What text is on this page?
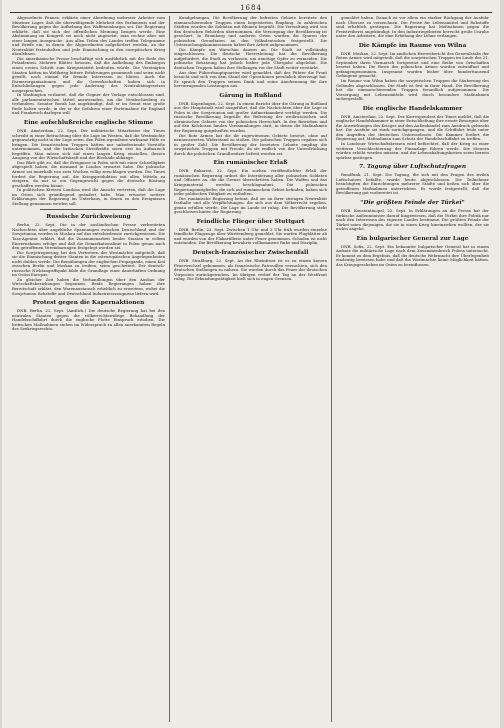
1684
Abgeordnete Pennes, erklärte einer Abordnung mehrerer Arbeiter vom Mineiner Lager, daß die überwältigende Mehrheit des Parlaments und der Bevölkerung gegen die Aufhebung des Waffenembargos sei. Die Regierung erklärte, daß sie sich der öffentlichen Meinung beugen werde. Eine Abstimmung im Kongreß sei noch nicht angesetzt, man rechne aber mit einer langen Aussprache. Aus allen Teilen des Landes treffen Telegramme und Briefe ein, in denen die Abgeordneten aufgefordert werden, an der Neutralität festzuhalten und jede Einmischung in den europäischen Krieg abzulehnen.
Die amerikanische Presse beschäftigt sich ausführlich mit der Rede des Präsidenten. Mehrere Blätter betonen, daß die Aufhebung des Embargos einen ersten Schritt zum Kriegseintritt bedeuten würde. Die Vereinigten Staaten hätten im Weltkrieg bittere Erfahrungen gesammelt und seien nicht gewillt, noch einmal für fremde Interessen zu bluten. Auch die Farmerorganisationen und die Gewerkschaften haben sich in Entschließungen gegen jede Änderung des Neutralitätsgesetzes ausgesprochen.
In Washington verlautet, daß die Gegner der Vorlage entschlossen sind, alle parlamentarischen Mittel anzuwenden, um die Verabschiedung zu verhindern. Senator Borah hat angekündigt, daß er im Senat eine große Rede halten werde, in der er die Gefahren einer Parteinahme für England und Frankreich darlegen will.
Eine aufschlußreiche englische Stimme
DNB. Amsterdam, 22. Sept. Der militärische Mitarbeiter der Times schreibt in einer Betrachtung über die Lage im Westen, daß die Westmächte gegenwärtig nicht in der Lage seien, den Polen irgendeine wirksame Hilfe zu bringen. Die französischen Truppen hätten nur unbedeutende Vorstöße unternommen, und die britischen Streitkräfte seien erst im Aufmarsch begriffen. Man müsse sich auf einen langen Krieg einstellen, dessen Ausgang von der Wirtschaftskraft und der Blockade abhänge.
Das Blatt gibt zu, daß die Ereignisse in Polen sich mit einer Schnelligkeit abgespielt haben, die niemand in London erwartet habe. Die polnische Armee sei innerhalb von zwei Wochen völlig zerschlagen worden. Die Times fordert die Regierung auf, die Kriegsproduktion mit allen Mitteln zu steigern, da nur so ein Gegengewicht gegen die deutsche Rüstung geschaffen werden könne.
In politischen Kreisen Londons wird die Ansicht vertreten, daß die Lage im Osten sich grundlegend geändert habe. Man erwartet weitere Erklärungen der Regierung im Unterhaus, in denen zu den Ereignissen Stellung genommen werden soll.
Russische Zurückweisung
Berlin, 22. Sept. Die in der ausländischen Presse verbreiteten Nachrichten über angebliche Spannungen zwischen Deutschland und der Sowjetunion werden in Moskau auf das entschiedenste zurückgewiesen. Die Tass-Agentur erklärt, daß die Zusammenarbeit beider Staaten in vollem Einvernehmen erfolge und daß die Demarkationslinie in Polen genau nach den getroffenen Vereinbarungen festgelegt worden sei.
Die Sowjetregierung hat den Vertretern der Westmächte mitgeteilt, daß sie die Einmischung dritter Staaten in die osteuropäischen Angelegenheiten nicht dulden werde. Die Bemühungen der englischen Propaganda, einen Keil zwischen Berlin und Moskau zu treiben, seien gescheitert. Der deutsch-russische Nichtangriffspakt bilde die Grundlage einer dauerhaften Ordnung im Osten Europas.
Zu gleicher Zeit haben die Verhandlungen über den Ausbau der Wirtschaftsbeziehungen begonnen. Beide Regierungen haben ihre Bereitschaft erklärt, den Warenaustausch erheblich zu erweitern, wobei die Sowjetunion Rohstoffe und Deutschland Industrieerzeugnisse liefern wird.
Protest gegen die Kapernaktionen
DNB. Berlin, 22. Sept. (Amtlich.) Die deutsche Regierung hat bei den neutralen Staaten gegen die völkerrechtswidrige Behandlung der Handelsschiffahrt durch die englische Flotte Einspruch erhoben. Die britischen Maßnahmen stehen im Widerspruch zu allen anerkannten Regeln des Seekriegsrechts.
Kundgebungen. Die Bevölkerung der befreiten Gebiete bereitete den einmarschierenden Truppen einen begeisterten Empfang. In zahlreichen Städten wurden die Soldaten mit Blumen begrüßt. Die Verwaltung wird von den deutschen Behörden übernommen, die Versorgung der Bevölkerung ist gesichert. In Bromberg und anderen Orten wurden die Spuren der polnischen Greueltaten an den Volksdeutschen festgestellt. Die Untersuchungskommissionen haben ihre Arbeit aufgenommen.
Die Kämpfe um Warschau dauern an. Die Stadt ist vollständig eingeschlossen. Die deutsche Heeresleitung hat die Bevölkerung aufgefordert, die Stadt zu verlassen, um unnötige Opfer zu vermeiden. Die polnische Besatzung hat jedoch bisher jede Übergabe abgelehnt. Die deutschen Truppen haben ihre Stellungen vor der Stadt weiter verstärkt.
Aus dem Führerhauptquartier wird gemeldet, daß der Führer die Front besucht und sich von dem Stand der Operationen persönlich überzeugt hat. Er sprach den Truppen seinen Dank und seine Anerkennung für ihre hervorragenden Leistungen aus.
Gärung in Rußland
DNB. Kopenhagen, 22. Sept. In einem Bericht über die Gärung in Rußland aus der Hauptstadt wird ausgeführt, daß die Nachrichten über die Lage in Polen in der Sowjetunion mit großer Aufmerksamkeit verfolgt werden. Die russische Bevölkerung begrüße die Befreiung der weißrussischen und ukrainischen Gebiete von der polnischen Herrschaft. In den Betrieben und auf den Kolchosen fanden Versammlungen statt, in denen die Maßnahmen der Regierung gutgeheißen wurden.
Die Rote Armee hat die ihr zugewiesenen Gebiete besetzt, ohne auf nennenswerten Widerstand zu stoßen. Die polnischen Truppen ergaben sich in großer Zahl. Die Bevölkerung der besetzten Gebiete empfing die sowjetischen Truppen mit Freude, da sie endlich von der Unterdrückung durch die polnischen Grundbesitzer befreit worden sei.
Ein rumänischer Erlaß
DNB. Bukarest, 22. Sept. Ein soeben veröffentlichter Erlaß der rumänischen Regierung ordnet die Internierung aller polnischen Soldaten und Offiziere an, die die Grenze überschritten haben. Die Waffen und das Kriegsmaterial werden beschlagnahmt. Die polnischen Regierungsmitglieder, die sich auf rumänischem Gebiet befinden, haben sich jeder politischen Tätigkeit zu enthalten.
Die rumänische Regierung betont, daß sie an ihrer strengen Neutralität festhalte und alle Verpflichtungen, die sich aus dem Völkerrecht ergeben, genau erfüllen werde. Die Lage im Lande ist ruhig. Die Bevölkerung steht geschlossen hinter der Regierung.
Feindliche Flieger über Stuttgart
DNB. Berlin, 22. Sept. Zwischen 1 Uhr und 3 Uhr früh wurden einzelne feindliche Flugzeuge über Württemberg gemeldet. Sie warfen Flugblätter ab und wurden von der Flakartillerie unter Feuer genommen. Schaden ist nicht entstanden. Die Bevölkerung bewahrte vollkommene Ruhe und Disziplin.
Deutsch-französischer Zwischenfall
DNB. Straßburg, 22. Sept. An der Rheinfront ist es zu einem kurzen Feuerwechsel gekommen, als französische Patrouillen versuchten, sich den deutschen Stellungen zu nähern. Sie wurden durch das Feuer der deutschen Vorposten zurückgetrieben. Im übrigen verlief der Tag an der Westfront ruhig. Die Erkundungstätigkeit hielt sich in engen Grenzen.
gemeldet haben. Danach ist vor allem ein starker Rückgang der Ausfuhr nach Übersee zu verzeichnen. Die Preise für Lebensmittel und Rohstoffe sind erheblich gestiegen. Die Regierung hat Maßnahmen gegen die Preistreiberei angekündigt. In den Industriegebieten herrscht große Unruhe unter den Arbeitern, die eine Erhöhung der Löhne verlangen.
Die Kämpfe im Raume von Wilna
DNB. Moskau, 22. Sept. Im amtlichen Heeresbericht des Generalstabs der Roten Armee wird mitgeteilt, daß die sowjetischen Truppen im Laufe des 21. September ihren Vormarsch fortgesetzt und eine Reihe von Ortschaften besetzt haben. Die Reste der polnischen Armee wurden entwaffnet und gefangengenommen. Insgesamt wurden bisher über hunderttausend Gefangene gemacht.
Im Raume von Wilna haben die sowjetischen Truppen die Säuberung des Geländes abgeschlossen. Die Stadt ist fest in ihrer Hand. Die Bevölkerung hat die einmarschierenden Truppen freundlich aufgenommen. Die Versorgung mit Lebensmitteln wird durch besondere Maßnahmen sichergestellt.
Die englische Handelskammer
DNB. Amsterdam, 22. Sept. Der Korrespondent der Times meldet, daß die englische Handelskammer in einer Entschließung ihre ernste Besorgnis über die Auswirkungen des Krieges auf den Außenhandel zum Ausdruck gebracht hat. Die Ausfuhr sei stark zurückgegangen, und die Schiffahrt leide unter den Angriffen der deutschen Unterseeboote. Die Kammer fordert die Regierung auf, Maßnahmen zum Schutz der Handelsschiffahrt zu treffen.
In Londoner Wirtschaftskreisen wird befürchtet, daß der Krieg zu einer weiteren Verschlechterung der Finanzlage führen werde. Die Steuern würden erhöht werden müssen, und die Lebenshaltungskosten seien bereits spürbar gestiegen.
7. Tagung über Luftschutzfragen
Rundfunk, 21. Sept. Die Tagung, die sich mit den Fragen des zivilen Luftschutzes befaßte, wurde heute abgeschlossen. Die Teilnehmer besichtigten die Einrichtungen mehrerer Städte und ließen sich über die getroffenen Maßnahmen unterrichten. Es wurde festgestellt, daß die Bevölkerung gut vorbereitet ist.
"Die größten Feinde der Türkei"
DNB. Konstantinopel, 22. Sept. In Erklärungen an die Presse hat der türkische Außenminister darauf hingewiesen, daß die Türkei ihre Politik nur nach den Interessen des eigenen Landes bestimme. Die größten Feinde der Türkei seien diejenigen, die sie in einen Krieg hineinziehen wollten, der sie nichts angehe.
Ein bulgarischer General zur Lage
DNB. Sofia, 22. Sept. Ein bekannter bulgarischer General hat in einem Aufsatz die militärische Lage nach dem Zusammenbruch Polens untersucht. Er kommt zu dem Ergebnis, daß die deutsche Wehrmacht ihre Überlegenheit eindeutig bewiesen habe und daß die Westmächte keine Möglichkeit hätten, das Kriegsgeschehen im Osten zu beeinflussen.
